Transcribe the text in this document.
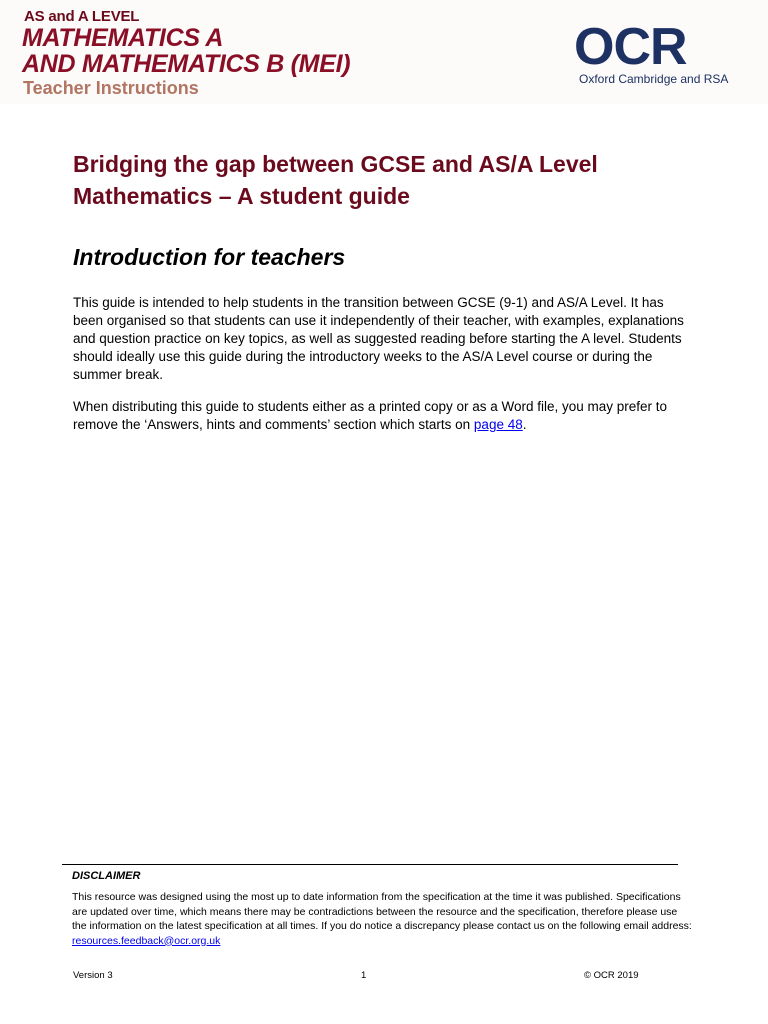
AS and A LEVEL
MATHEMATICS A
AND MATHEMATICS B (MEI)
Teacher Instructions
OCR
Oxford Cambridge and RSA
Bridging the gap between GCSE and AS/A Level Mathematics – A student guide
Introduction for teachers
This guide is intended to help students in the transition between GCSE (9-1) and AS/A Level. It has been organised so that students can use it independently of their teacher, with examples, explanations and question practice on key topics, as well as suggested reading before starting the A level. Students should ideally use this guide during the introductory weeks to the AS/A Level course or during the summer break.
When distributing this guide to students either as a printed copy or as a Word file, you may prefer to remove the ‘Answers, hints and comments’ section which starts on page 48.
DISCLAIMER
This resource was designed using the most up to date information from the specification at the time it was published. Specifications are updated over time, which means there may be contradictions between the resource and the specification, therefore please use the information on the latest specification at all times. If you do notice a discrepancy please contact us on the following email address: resources.feedback@ocr.org.uk
Version 3	1	© OCR 2019
